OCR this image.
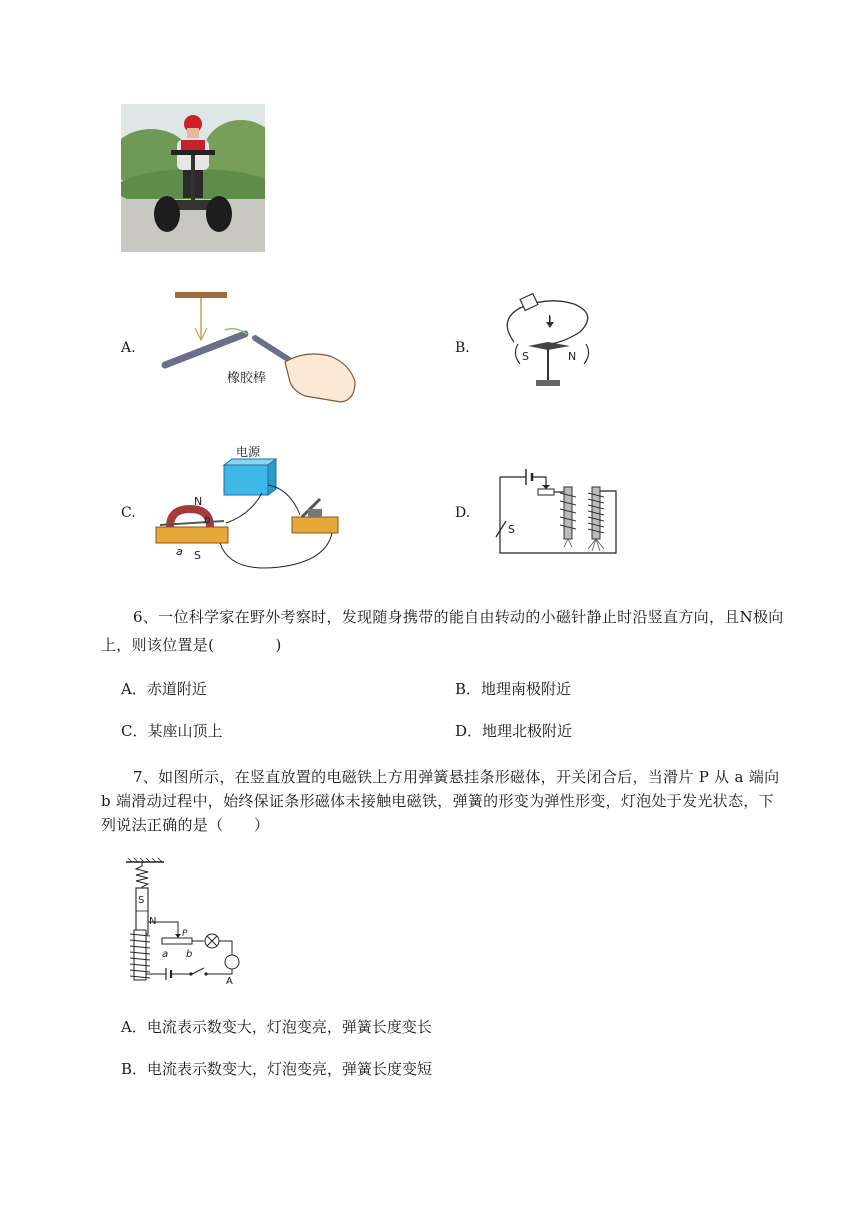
A.
橡胶棒
B.
I
S	N
C.
电源
N
S
a
b	D.
S
6、一位科学家在野外考察时，发现随身携带的能自由转动的小磁针静止时沿竖直方向，且N极向
上，则该位置是(　　　　)
A．赤道附近	B．地理南极附近
C．某座山顶上	D．地理北极附近
7、如图所示，在竖直放置的电磁铁上方用弹簧悬挂条形磁体，开关闭合后，当滑片 P 从 a 端向
b 端滑动过程中，始终保证条形磁体未接触电磁铁，弹簧的形变为弹性形变，灯泡处于发光状态，下
列说法正确的是（　　）
S
N
P
a b
A
A．电流表示数变大，灯泡变亮，弹簧长度变长
B．电流表示数变大，灯泡变亮，弹簧长度变短
